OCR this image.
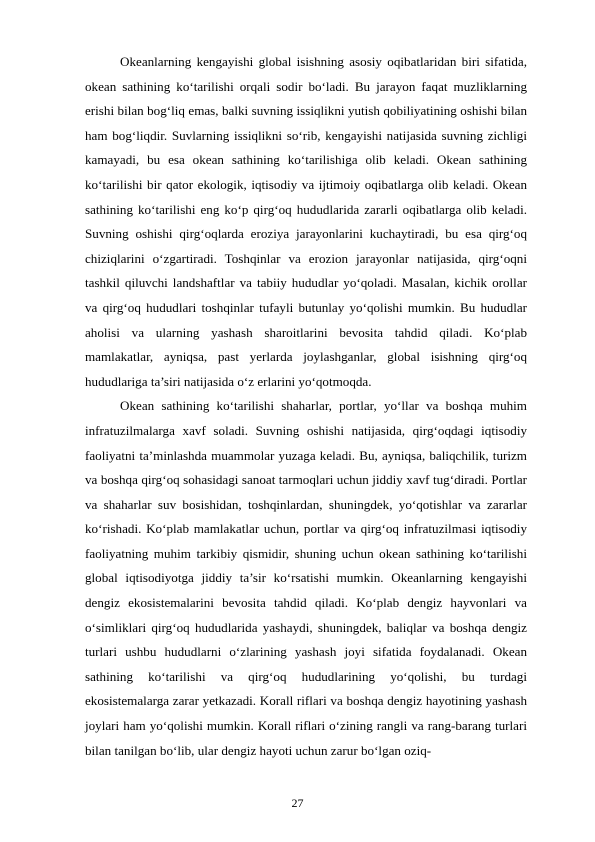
Okeanlarning kengayishi global isishning asosiy oqibatlaridan biri sifatida, okean sathining ko‘tarilishi orqali sodir bo‘ladi. Bu jarayon faqat muzliklarning erishi bilan bog‘liq emas, balki suvning issiqlikni yutish qobiliyatining oshishi bilan ham bog‘liqdir. Suvlarning issiqlikni so‘rib, kengayishi natijasida suvning zichligi kamayadi, bu esa okean sathining ko‘tarilishiga olib keladi. Okean sathining ko‘tarilishi bir qator ekologik, iqtisodiy va ijtimoiy oqibatlarga olib keladi. Okean sathining ko‘tarilishi eng ko‘p qirg‘oq hududlarida zararli oqibatlarga olib keladi. Suvning oshishi qirg‘oqlarda eroziya jarayonlarini kuchaytiradi, bu esa qirg‘oq chiziqlarini o‘zgartiradi. Toshqinlar va erozion jarayonlar natijasida, qirg‘oqni tashkil qiluvchi landshaftlar va tabiiy hududlar yo‘qoladi. Masalan, kichik orollar va qirg‘oq hududlari toshqinlar tufayli butunlay yo‘qolishi mumkin. Bu hududlar aholisi va ularning yashash sharoitlarini bevosita tahdid qiladi. Ko‘plab mamlakatlar, ayniqsa, past yerlarda joylashganlar, global isishning qirg‘oq hududlariga ta’siri natijasida o‘z erlarini yo‘qotmoqda.

Okean sathining ko‘tarilishi shaharlar, portlar, yo‘llar va boshqa muhim infratuzilmalarga xavf soladi. Suvning oshishi natijasida, qirg‘oqdagi iqtisodiy faoliyatni ta’minlashda muammolar yuzaga keladi. Bu, ayniqsa, baliqchilik, turizm va boshqa qirg‘oq sohasidagi sanoat tarmoqlari uchun jiddiy xavf tug‘diradi. Portlar va shaharlar suv bosishidan, toshqinlardan, shuningdek, yo‘qotishlar va zararlar ko‘rishadi. Ko‘plab mamlakatlar uchun, portlar va qirg‘oq infratuzilmasi iqtisodiy faoliyatning muhim tarkibiy qismidir, shuning uchun okean sathining ko‘tarilishi global iqtisodiyotga jiddiy ta’sir ko‘rsatishi mumkin. Okeanlarning kengayishi dengiz ekosistemalarini bevosita tahdid qiladi. Ko‘plab dengiz hayvonlari va o‘simliklari qirg‘oq hududlarida yashaydi, shuningdek, baliqlar va boshqa dengiz turlari ushbu hududlarni o‘zlarining yashash joyi sifatida foydalanadi. Okean sathining ko‘tarilishi va qirg‘oq hududlarining yo‘qolishi, bu turdagi ekosistemalarga zarar yetkazadi. Korall riflari va boshqa dengiz hayotining yashash joylari ham yo‘qolishi mumkin. Korall riflari o‘zining rangli va rang-barang turlari bilan tanilgan bo‘lib, ular dengiz hayoti uchun zarur bo‘lgan oziq-

27
